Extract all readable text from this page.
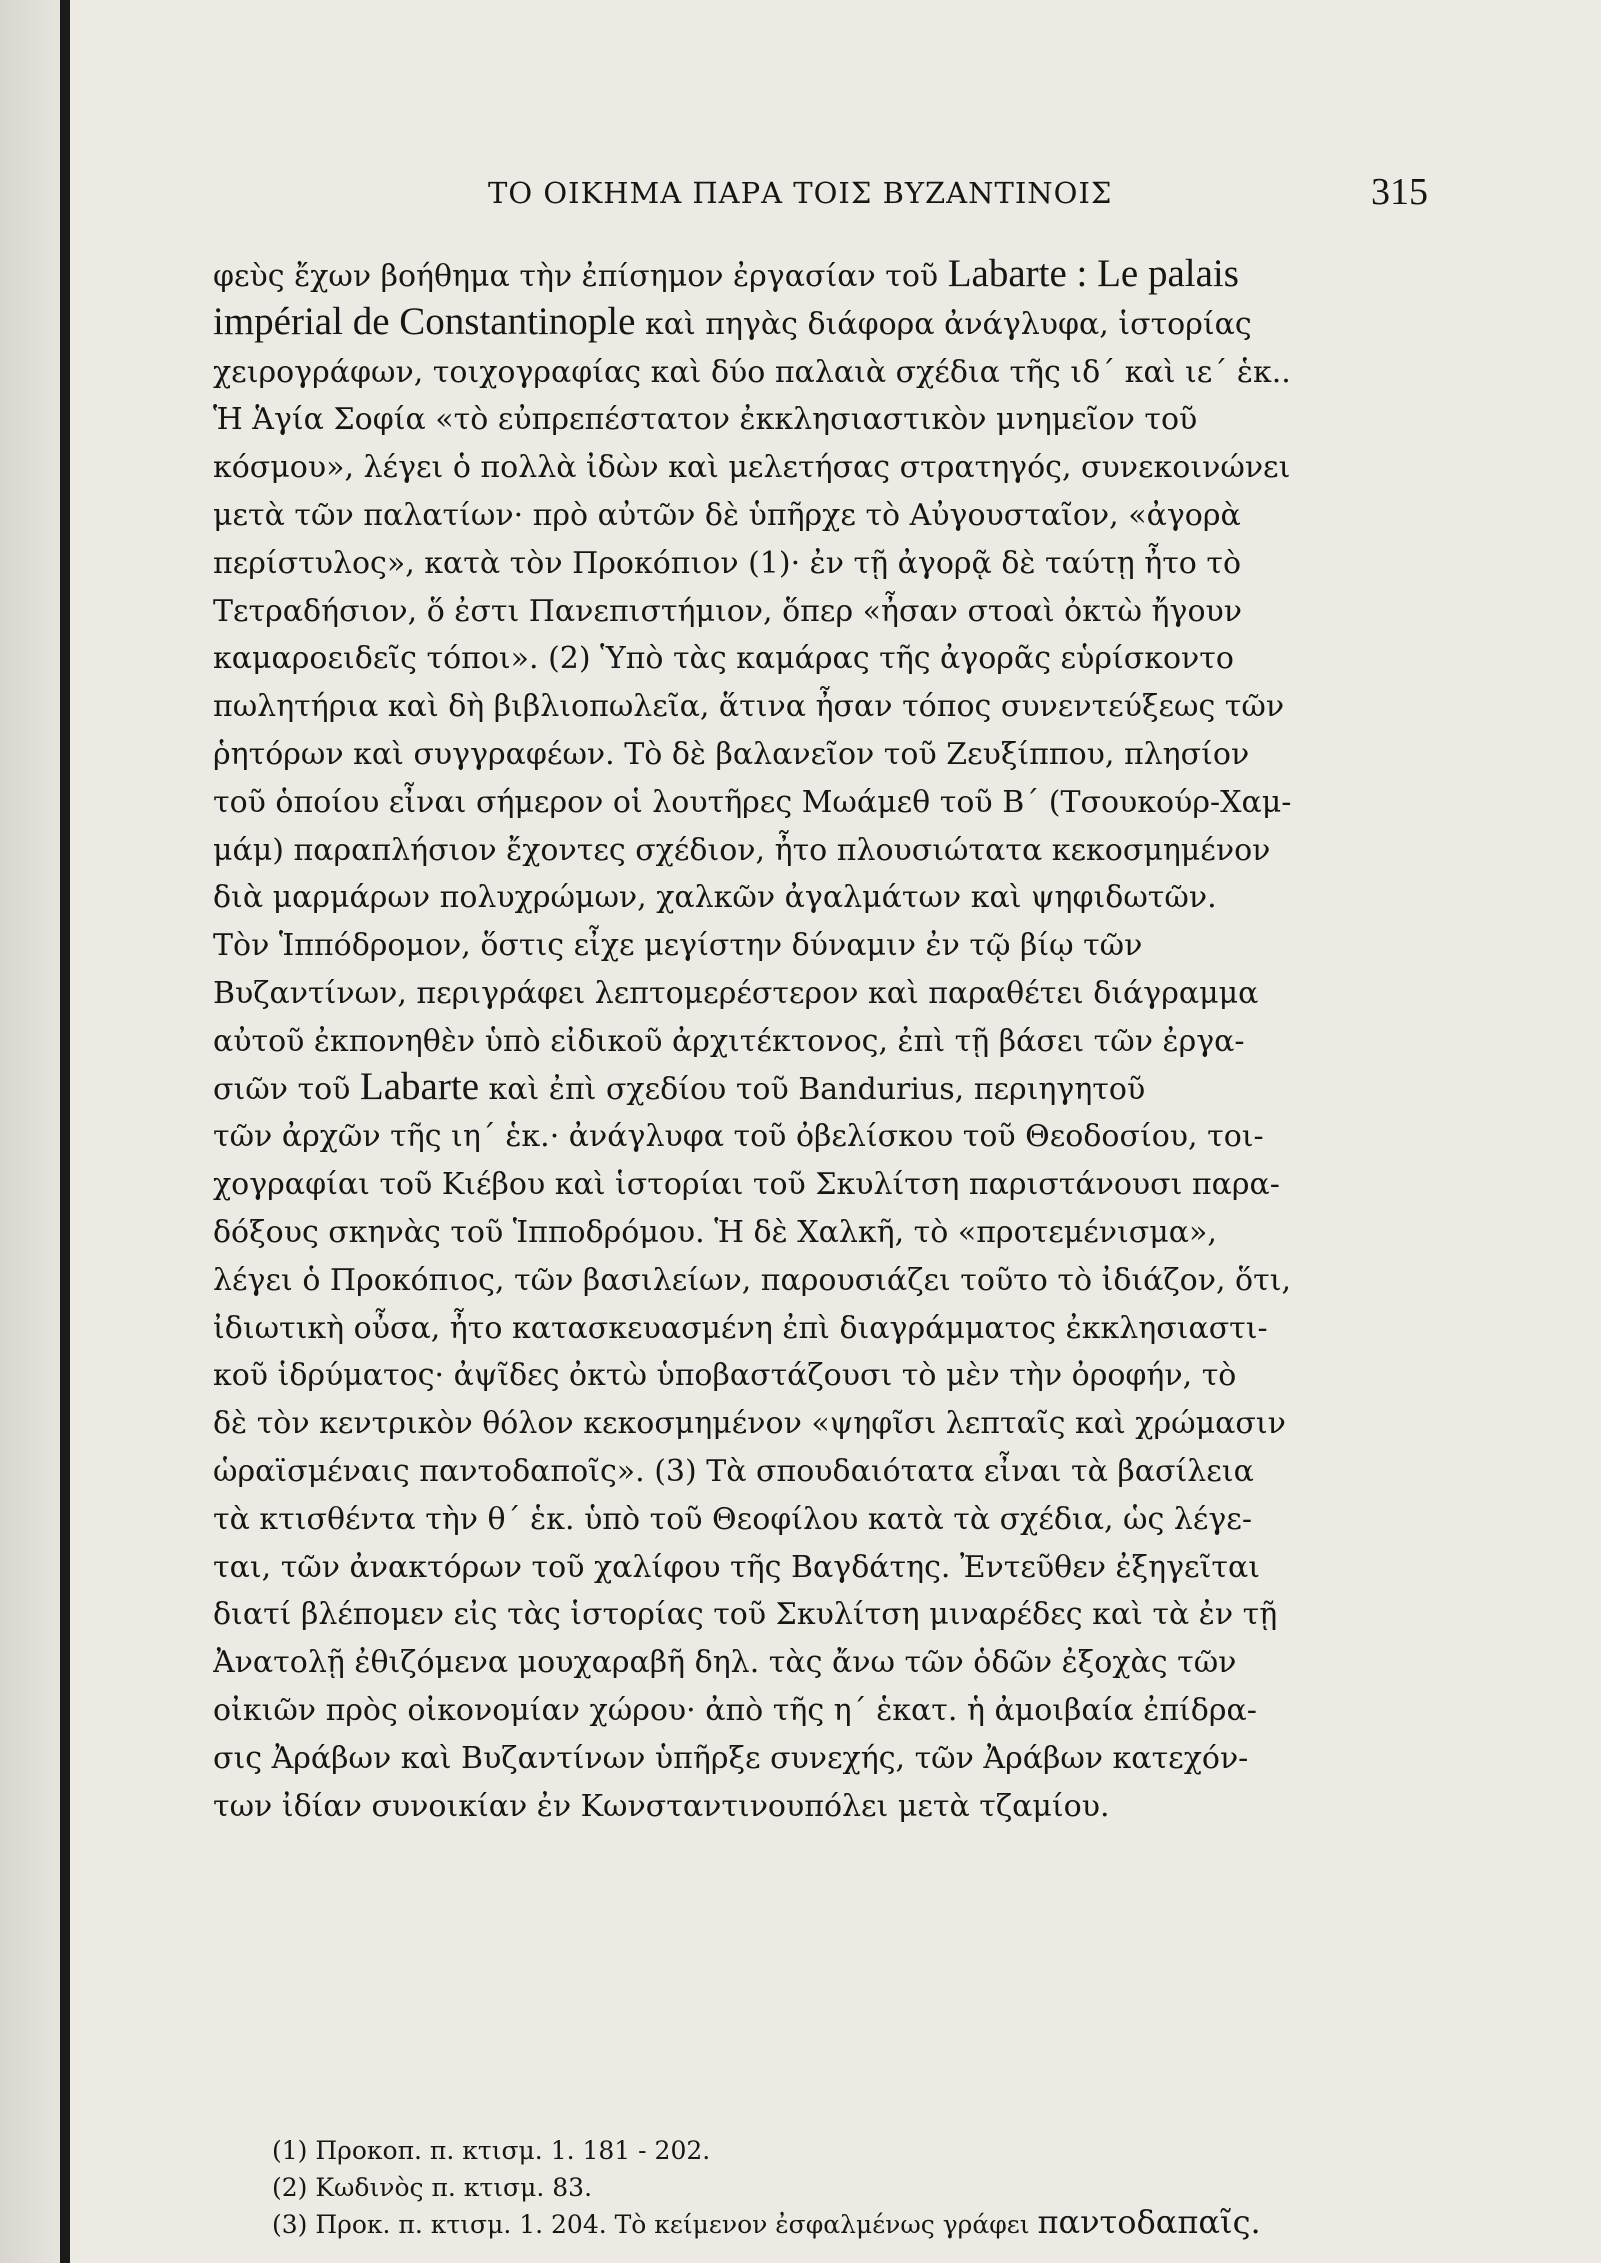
ΤΟ ΟΙΚΗΜΑ ΠΑΡΑ ΤΟΙΣ ΒΥΖΑΝΤΙΝΟΙΣ	315
φεὺς ἔχων βοήθημα τὴν ἐπίσημον ἐργασίαν τοῦ Labarte : Le palais
impérial de Constantinople καὶ πηγὰς διάφορα ἀνάγλυφα, ἱστορίας
χειρογράφων, τοιχογραφίας καὶ δύο παλαιὰ σχέδια τῆς ιδ΄ καὶ ιε΄ ἑκ..
Ἡ Ἁγία Σοφία «τὸ εὐπρεπέστατον ἐκκλησιαστικὸν μνημεῖον τοῦ
κόσμου», λέγει ὁ πολλὰ ἰδὼν καὶ μελετήσας στρατηγός, συνεκοινώνει
μετὰ τῶν παλατίων· πρὸ αὐτῶν δὲ ὑπῆρχε τὸ Αὐγουσταῖον, «ἀγορὰ
περίστυλος», κατὰ τὸν Προκόπιον (1)· ἐν τῇ ἀγορᾷ δὲ ταύτῃ ἦτο τὸ
Τετραδήσιον, ὅ ἐστι Πανεπιστήμιον, ὅπερ «ἦσαν στοαὶ ὀκτὼ ἤγουν
καμαροειδεῖς τόποι». (2) Ὑπὸ τὰς καμάρας τῆς ἀγορᾶς εὑρίσκοντο
πωλητήρια καὶ δὴ βιβλιοπωλεῖα, ἅτινα ἦσαν τόπος συνεντεύξεως τῶν
ῥητόρων καὶ συγγραφέων. Τὸ δὲ βαλανεῖον τοῦ Ζευξίππου, πλησίον
τοῦ ὁποίου εἶναι σήμερον οἱ λουτῆρες Μωάμεθ τοῦ Β΄ (Τσουκούρ-Χαμ-
μάμ) παραπλήσιον ἔχοντες σχέδιον, ἦτο πλουσιώτατα κεκοσμημένον
διὰ μαρμάρων πολυχρώμων, χαλκῶν ἀγαλμάτων καὶ ψηφιδωτῶν.
Τὸν Ἱππόδρομον, ὅστις εἶχε μεγίστην δύναμιν ἐν τῷ βίῳ τῶν
Βυζαντίνων, περιγράφει λεπτομερέστερον καὶ παραθέτει διάγραμμα
αὐτοῦ ἐκπονηθὲν ὑπὸ εἰδικοῦ ἀρχιτέκτονος, ἐπὶ τῇ βάσει τῶν ἐργα-
σιῶν τοῦ Labarte καὶ ἐπὶ σχεδίου τοῦ Bandurius, περιηγητοῦ
τῶν ἀρχῶν τῆς ιη΄ ἑκ.· ἀνάγλυφα τοῦ ὀβελίσκου τοῦ Θεοδοσίου, τοι-
χογραφίαι τοῦ Κιέβου καὶ ἱστορίαι τοῦ Σκυλίτση παριστάνουσι παρα-
δόξους σκηνὰς τοῦ Ἱπποδρόμου. Ἡ δὲ Χαλκῆ, τὸ «προτεμένισμα»,
λέγει ὁ Προκόπιος, τῶν βασιλείων, παρουσιάζει τοῦτο τὸ ἰδιάζον, ὅτι,
ἰδιωτικὴ οὖσα, ἦτο κατασκευασμένη ἐπὶ διαγράμματος ἐκκλησιαστι-
κοῦ ἱδρύματος· ἀψῖδες ὀκτὼ ὑποβαστάζουσι τὸ μὲν τὴν ὀροφήν, τὸ
δὲ τὸν κεντρικὸν θόλον κεκοσμημένον «ψηφῖσι λεπταῖς καὶ χρώμασιν
ὡραϊσμέναις παντοδαποῖς». (3) Τὰ σπουδαιότατα εἶναι τὰ βασίλεια
τὰ κτισθέντα τὴν θ΄ ἑκ. ὑπὸ τοῦ Θεοφίλου κατὰ τὰ σχέδια, ὡς λέγε-
ται, τῶν ἀνακτόρων τοῦ χαλίφου τῆς Βαγδάτης. Ἐντεῦθεν ἐξηγεῖται
διατί βλέπομεν εἰς τὰς ἱστορίας τοῦ Σκυλίτση μιναρέδες καὶ τὰ ἐν τῇ
Ἀνατολῇ ἐθιζόμενα μουχαραβῆ δηλ. τὰς ἄνω τῶν ὁδῶν ἐξοχὰς τῶν
οἰκιῶν πρὸς οἰκονομίαν χώρου· ἀπὸ τῆς η΄ ἑκατ. ἡ ἀμοιβαία ἐπίδρα-
σις Ἀράβων καὶ Βυζαντίνων ὑπῆρξε συνεχής, τῶν Ἀράβων κατεχόν-
των ἰδίαν συνοικίαν ἐν Κωνσταντινουπόλει μετὰ τζαμίου.
(1) Προκοπ. π. κτισμ. 1. 181 - 202.
(2) Κωδινὸς π. κτισμ. 83.
(3) Προκ. π. κτισμ. 1. 204. Τὸ κείμενον ἐσφαλμένως γράφει παντοδαπαῖς.
